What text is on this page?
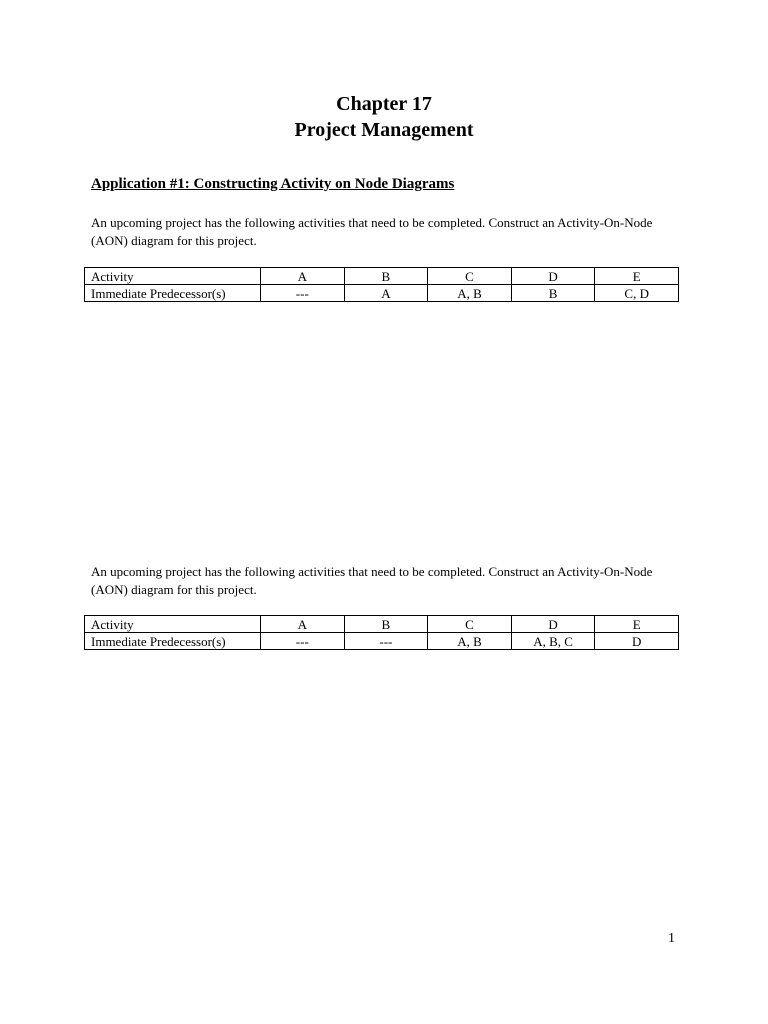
Chapter 17
Project Management
Application #1: Constructing Activity on Node Diagrams

An upcoming project has the following activities that need to be completed. Construct an Activity-On-Node (AON) diagram for this project.

Activity	A	B	C	D	E
Immediate Predecessor(s)	---	A	A, B	B	C, D

An upcoming project has the following activities that need to be completed. Construct an Activity-On-Node (AON) diagram for this project.

Activity	A	B	C	D	E
Immediate Predecessor(s)	---	---	A, B	A, B, C	D

1
